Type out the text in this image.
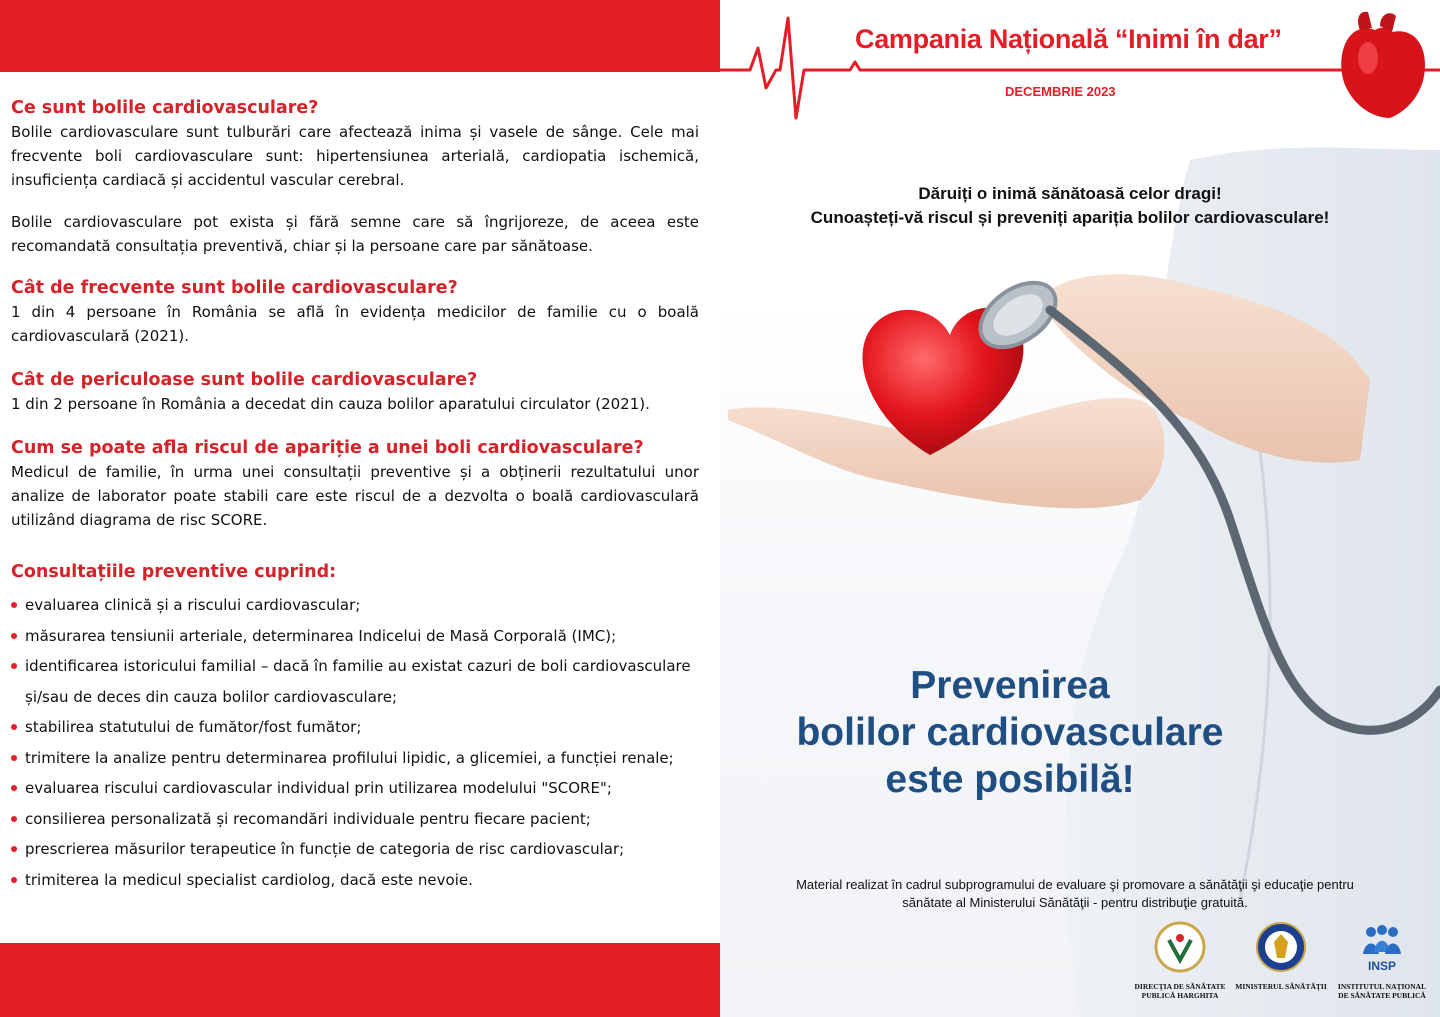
Ce sunt bolile cardiovasculare?

Bolile cardiovasculare sunt tulburări care afectează inima și vasele de sânge. Cele mai frecvente boli cardiovasculare sunt: hipertensiunea arterială, cardiopatia ischemică, insuficiența cardiacă și accidentul vascular cerebral.

Bolile cardiovasculare pot exista și fără semne care să îngrijoreze, de aceea este recomandată consultația preventivă, chiar și la persoane care par sănătoase.

Cât de frecvente sunt bolile cardiovasculare?

1 din 4 persoane în România se află în evidența medicilor de familie cu o boală cardiovasculară (2021).

Cât de periculoase sunt bolile cardiovasculare?

1 din 2 persoane în România a decedat din cauza bolilor aparatului circulator (2021).

Cum se poate afla riscul de apariție a unei boli cardiovasculare?

Medicul de familie, în urma unei consultații preventive și a obținerii rezultatului unor analize de laborator poate stabili care este riscul de a dezvolta o boală cardiovasculară utilizând diagrama de risc SCORE.

Consultațiile preventive cuprind:
evaluarea clinică și a riscului cardiovascular;
măsurarea tensiunii arteriale, determinarea Indicelui de Masă Corporală (IMC);
identificarea istoricului familial – dacă în familie au existat cazuri de boli cardiovasculare și/sau de deces din cauza bolilor cardiovasculare;
stabilirea statutului de fumător/fost fumător;
trimitere la analize pentru determinarea profilului lipidic, a glicemiei, a funcției renale;
evaluarea riscului cardiovascular individual prin utilizarea modelului "SCORE";
consilierea personalizată și recomandări individuale pentru fiecare pacient;
prescrierea măsurilor terapeutice în funcție de categoria de risc cardiovascular;
trimiterea la medicul specialist cardiolog, dacă este nevoie.
Campania Națională “Inimi în dar”
DECEMBRIE 2023
Dăruiți o inimă sănătoasă celor dragi!
Cunoașteți-vă riscul și preveniți apariția bolilor cardiovasculare!
Prevenirea
bolilor cardiovasculare
este posibilă!
Material realizat în cadrul subprogramului de evaluare şi promovare a sănătăţii şi educaţie pentru
sănătate al Ministerului Sănătăţii - pentru distribuţie gratuită.
DIRECȚIA DE SĂNĂTATE
PUBLICĂ HARGHITA
MINISTERUL SĂNĂTĂȚII
INSP
INSTITUTUL NAȚIONAL
DE SĂNĂTATE PUBLICĂ
